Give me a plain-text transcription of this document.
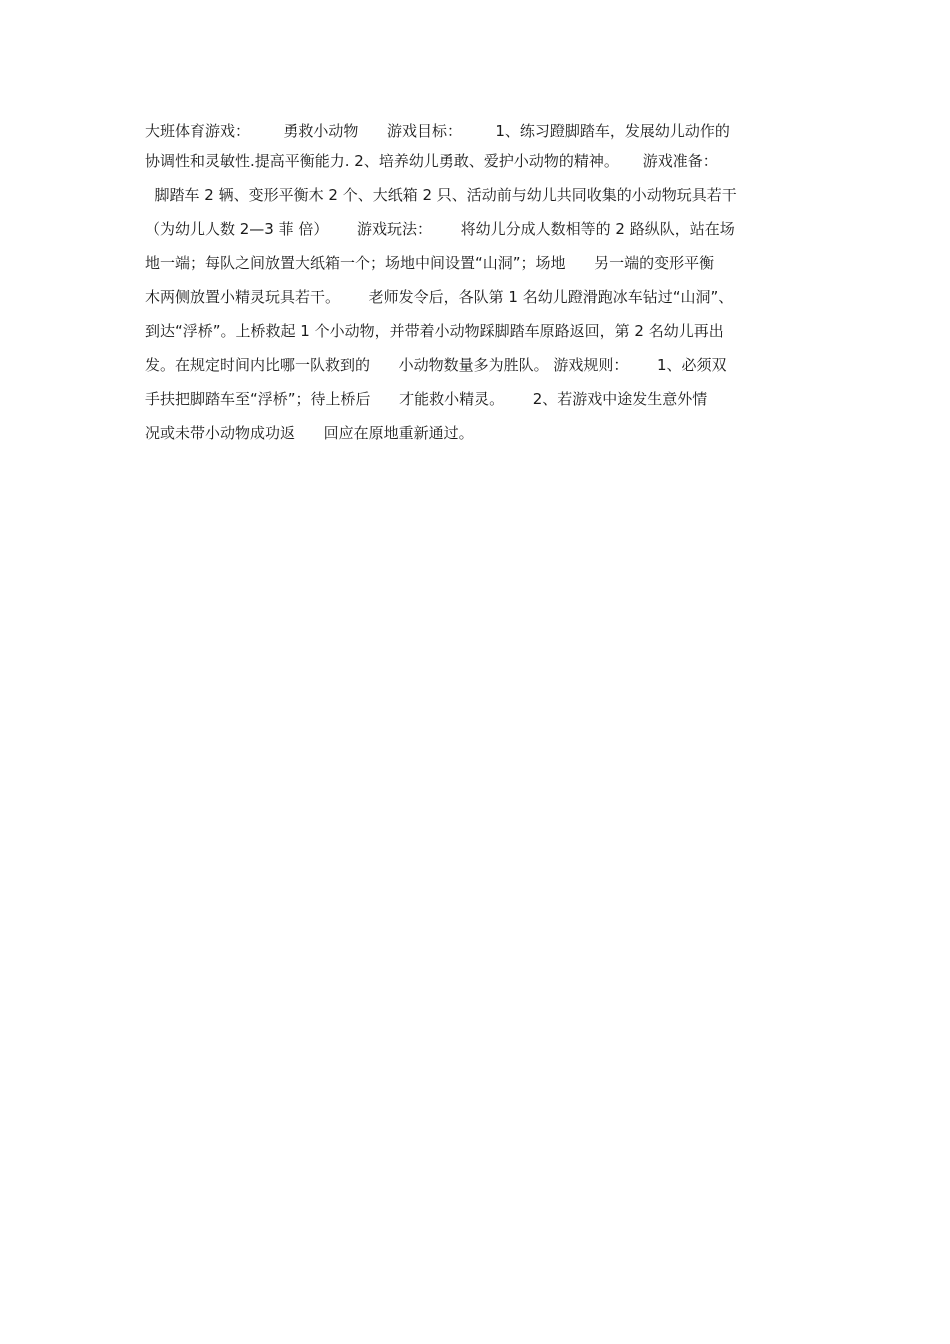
大班体育游戏：       勇救小动物      游戏目标：       1、练习蹬脚踏车，发展幼儿动作的
协调性和灵敏性.提高平衡能力. 2、培养幼儿勇敢、爱护小动物的精神。     游戏准备：
脚踏车 2 辆、变形平衡木 2 个、大纸箱 2 只、活动前与幼儿共同收集的小动物玩具若干
（为幼儿人数 2—3 菲 倍）      游戏玩法：      将幼儿分成人数相等的 2 路纵队，站在场
地一端；每队之间放置大纸箱一个；场地中间设置“山洞”；场地      另一端的变形平衡
木两侧放置小精灵玩具若干。      老师发令后，各队第 1 名幼儿蹬滑跑冰车钻过“山洞”、
到达“浮桥”。上桥救起 1 个小动物，并带着小动物踩脚踏车原路返回，第 2 名幼儿再出
发。在规定时间内比哪一队救到的      小动物数量多为胜队。 游戏规则：      1、必须双
手扶把脚踏车至“浮桥”；待上桥后      才能救小精灵。      2、若游戏中途发生意外情
况或未带小动物成功返      回应在原地重新通过。
